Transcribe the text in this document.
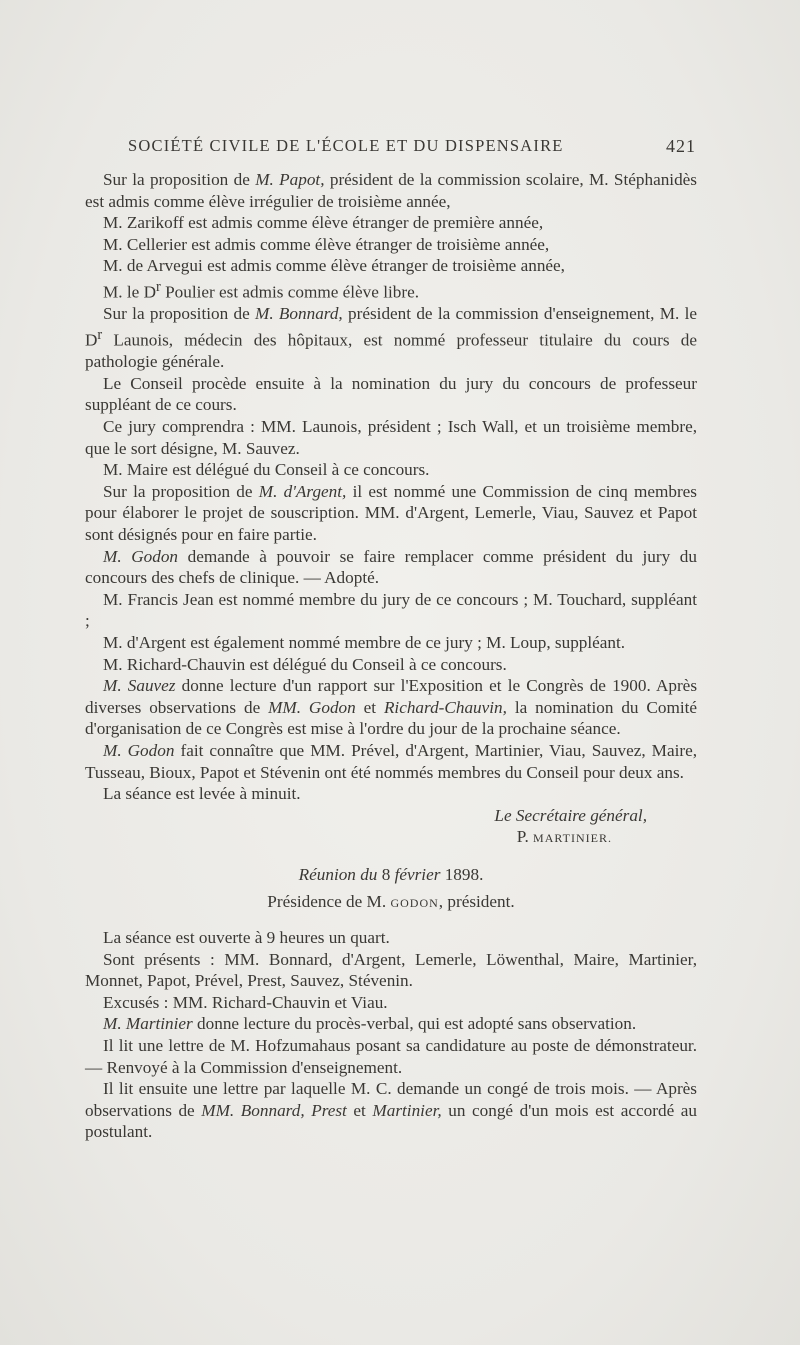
SOCIÉTÉ CIVILE DE L'ÉCOLE ET DU DISPENSAIRE	421

Sur la proposition de M. Papot, président de la commission scolaire, M. Stéphanidès est admis comme élève irrégulier de troisième année,

M. Zarikoff est admis comme élève étranger de première année,

M. Cellerier est admis comme élève étranger de troisième année,

M. de Arvegui est admis comme élève étranger de troisième année,

M. le $D^r$ Poulier est admis comme élève libre.

Sur la proposition de M. Bonnard, président de la commission d'enseignement, M. le $D^r$ Launois, médecin des hôpitaux, est nommé professeur titulaire du cours de pathologie générale.

Le Conseil procède ensuite à la nomination du jury du concours de professeur suppléant de ce cours.

Ce jury comprendra : MM. Launois, président ; Isch Wall, et un troisième membre, que le sort désigne, M. Sauvez.

M. Maire est délégué du Conseil à ce concours.

Sur la proposition de M. d'Argent, il est nommé une Commission de cinq membres pour élaborer le projet de souscription. MM. d'Argent, Lemerle, Viau, Sauvez et Papot sont désignés pour en faire partie.

M. Godon demande à pouvoir se faire remplacer comme président du jury du concours des chefs de clinique. — Adopté.

M. Francis Jean est nommé membre du jury de ce concours ; M. Touchard, suppléant ;

M. d'Argent est également nommé membre de ce jury ; M. Loup, suppléant.

M. Richard-Chauvin est délégué du Conseil à ce concours.

M. Sauvez donne lecture d'un rapport sur l'Exposition et le Congrès de 1900. Après diverses observations de MM. Godon et Richard-Chauvin, la nomination du Comité d'organisation de ce Congrès est mise à l'ordre du jour de la prochaine séance.

M. Godon fait connaître que MM. Prével, d'Argent, Martinier, Viau, Sauvez, Maire, Tusseau, Bioux, Papot et Stévenin ont été nommés membres du Conseil pour deux ans.

La séance est levée à minuit.

Le Secrétaire général,
P. MARTINIER.
Réunion du 8 février 1898.
Présidence de M. GODON, président.

La séance est ouverte à 9 heures un quart.

Sont présents : MM. Bonnard, d'Argent, Lemerle, Löwenthal, Maire, Martinier, Monnet, Papot, Prével, Prest, Sauvez, Stévenin.

Excusés : MM. Richard-Chauvin et Viau.

M. Martinier donne lecture du procès-verbal, qui est adopté sans observation.

Il lit une lettre de M. Hofzumahaus posant sa candidature au poste de démonstrateur. — Renvoyé à la Commission d'enseignement.

Il lit ensuite une lettre par laquelle M. C. demande un congé de trois mois. — Après observations de MM. Bonnard, Prest et Martinier, un congé d'un mois est accordé au postulant.
